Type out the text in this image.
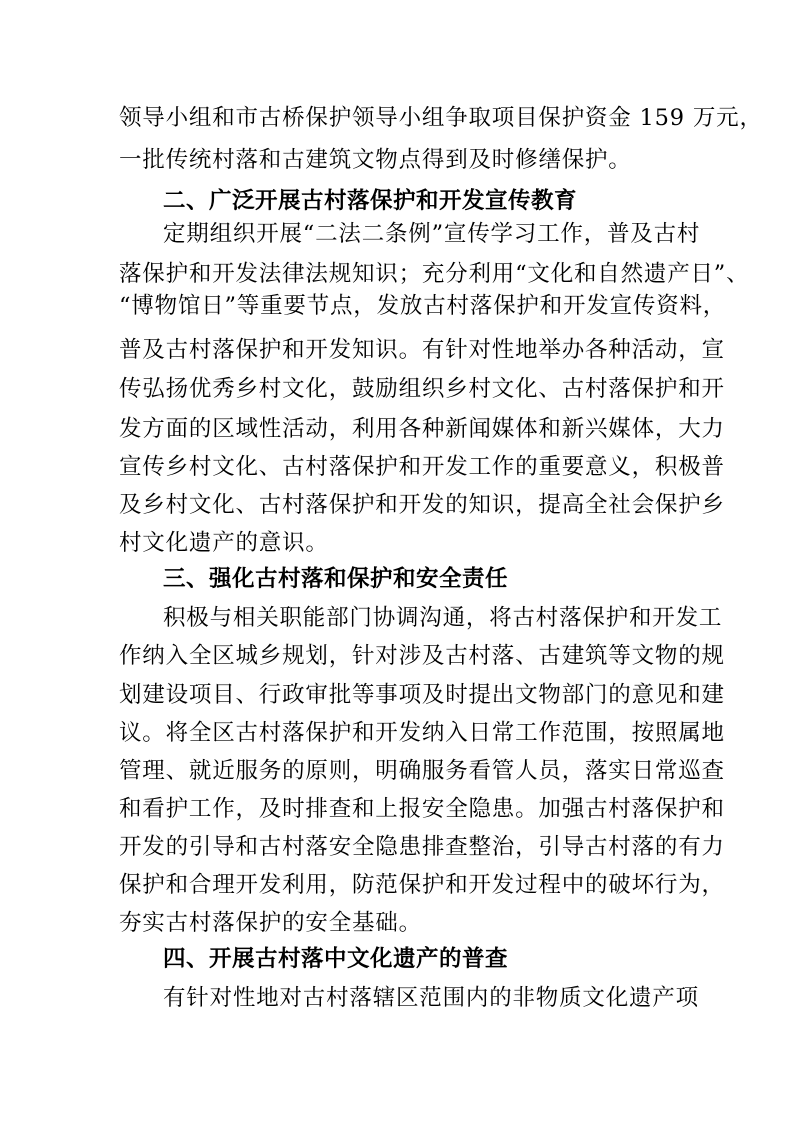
领导小组和市古桥保护领导小组争取项目保护资金 159 万元，
一批传统村落和古建筑文物点得到及时修缮保护。
二、广泛开展古村落保护和开发宣传教育
定期组织开展“二法二条例”宣传学习工作，普及古村
落保护和开发法律法规知识；充分利用“文化和自然遗产日”、
“博物馆日”等重要节点，发放古村落保护和开发宣传资料，
普及古村落保护和开发知识。有针对性地举办各种活动，宣
传弘扬优秀乡村文化，鼓励组织乡村文化、古村落保护和开
发方面的区域性活动，利用各种新闻媒体和新兴媒体，大力
宣传乡村文化、古村落保护和开发工作的重要意义，积极普
及乡村文化、古村落保护和开发的知识，提高全社会保护乡
村文化遗产的意识。
三、强化古村落和保护和安全责任
积极与相关职能部门协调沟通，将古村落保护和开发工
作纳入全区城乡规划，针对涉及古村落、古建筑等文物的规
划建设项目、行政审批等事项及时提出文物部门的意见和建
议。将全区古村落保护和开发纳入日常工作范围，按照属地
管理、就近服务的原则，明确服务看管人员，落实日常巡查
和看护工作，及时排查和上报安全隐患。加强古村落保护和
开发的引导和古村落安全隐患排查整治，引导古村落的有力
保护和合理开发利用，防范保护和开发过程中的破坏行为，
夯实古村落保护的安全基础。
四、开展古村落中文化遗产的普查
有针对性地对古村落辖区范围内的非物质文化遗产项
